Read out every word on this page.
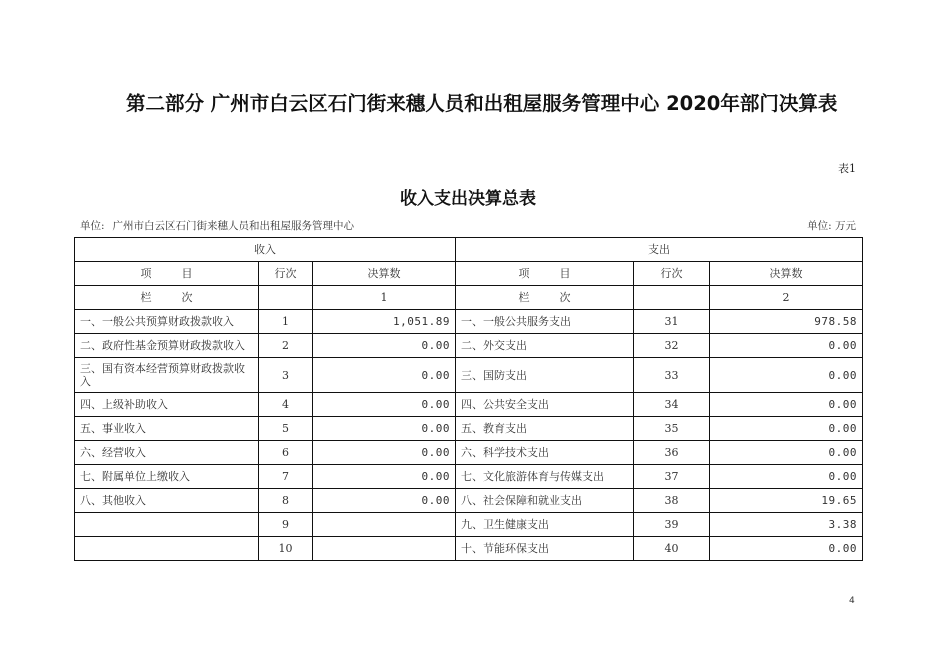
第二部分 广州市白云区石门街来穗人员和出租屋服务管理中心 2020年部门决算表
表1
收入支出决算总表
单位: 广州市白云区石门街来穗人员和出租屋服务管理中心	单位: 万元
收入			支出		
项 目	行次	决算数	项 目	行次	决算数
栏 次		1	栏 次		2
一、一般公共预算财政拨款收入	1	1,051.89	一、一般公共服务支出	31	978.58
二、政府性基金预算财政拨款收入	2	0.00	二、外交支出	32	0.00
三、国有资本经营预算财政拨款收入	3	0.00	三、国防支出	33	0.00
四、上级补助收入	4	0.00	四、公共安全支出	34	0.00
五、事业收入	5	0.00	五、教育支出	35	0.00
六、经营收入	6	0.00	六、科学技术支出	36	0.00
七、附属单位上缴收入	7	0.00	七、文化旅游体育与传媒支出	37	0.00
八、其他收入	8	0.00	八、社会保障和就业支出	38	19.65
	9		九、卫生健康支出	39	3.38
	10		十、节能环保支出	40	0.00
4
